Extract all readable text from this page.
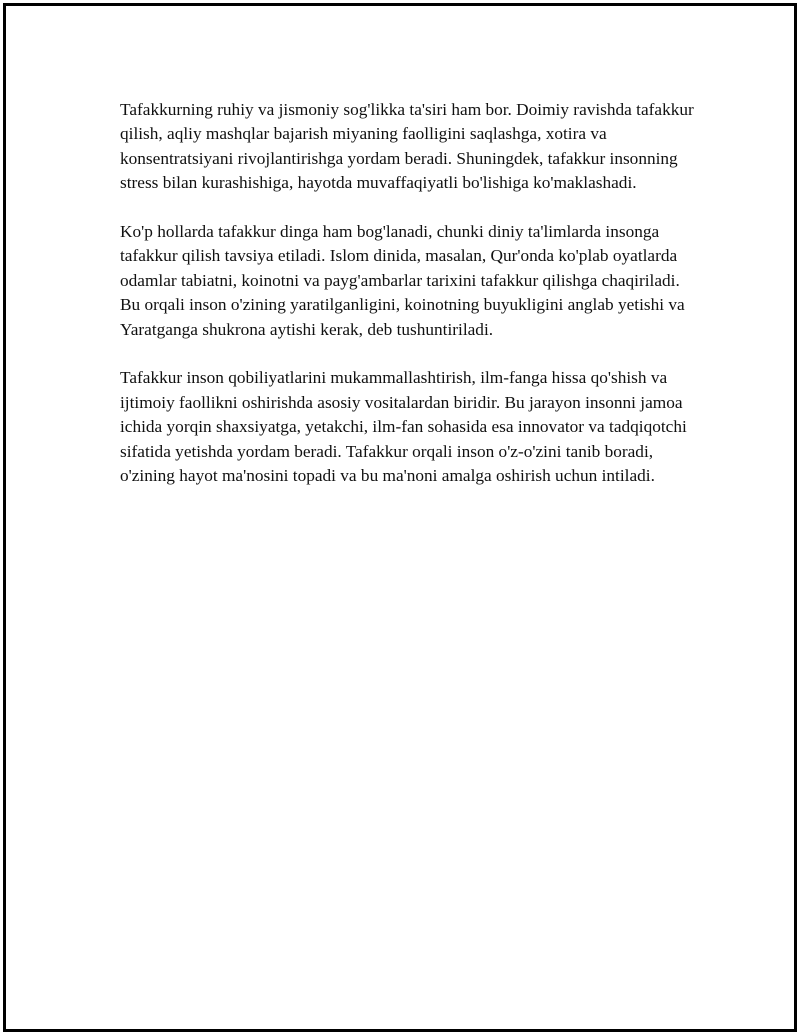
Tafakkurning ruhiy va jismoniy sog'likka ta'siri ham bor. Doimiy ravishda tafakkur qilish, aqliy mashqlar bajarish miyaning faolligini saqlashga, xotira va konsentratsiyani rivojlantirishga yordam beradi. Shuningdek, tafakkur insonning stress bilan kurashishiga, hayotda muvaffaqiyatli bo'lishiga ko'maklashadi.

Ko'p hollarda tafakkur dinga ham bog'lanadi, chunki diniy ta'limlarda insonga tafakkur qilish tavsiya etiladi. Islom dinida, masalan, Qur'onda ko'plab oyatlarda odamlar tabiatni, koinotni va payg'ambarlar tarixini tafakkur qilishga chaqiriladi. Bu orqali inson o'zining yaratilganligini, koinotning buyukligini anglab yetishi va Yaratganga shukrona aytishi kerak, deb tushuntiriladi.

Tafakkur inson qobiliyatlarini mukammallashtirish, ilm-fanga hissa qo'shish va ijtimoiy faollikni oshirishda asosiy vositalardan biridir. Bu jarayon insonni jamoa ichida yorqin shaxsiyatga, yetakchi, ilm-fan sohasida esa innovator va tadqiqotchi sifatida yetishda yordam beradi. Tafakkur orqali inson o'z-o'zini tanib boradi, o'zining hayot ma'nosini topadi va bu ma'noni amalga oshirish uchun intiladi.
